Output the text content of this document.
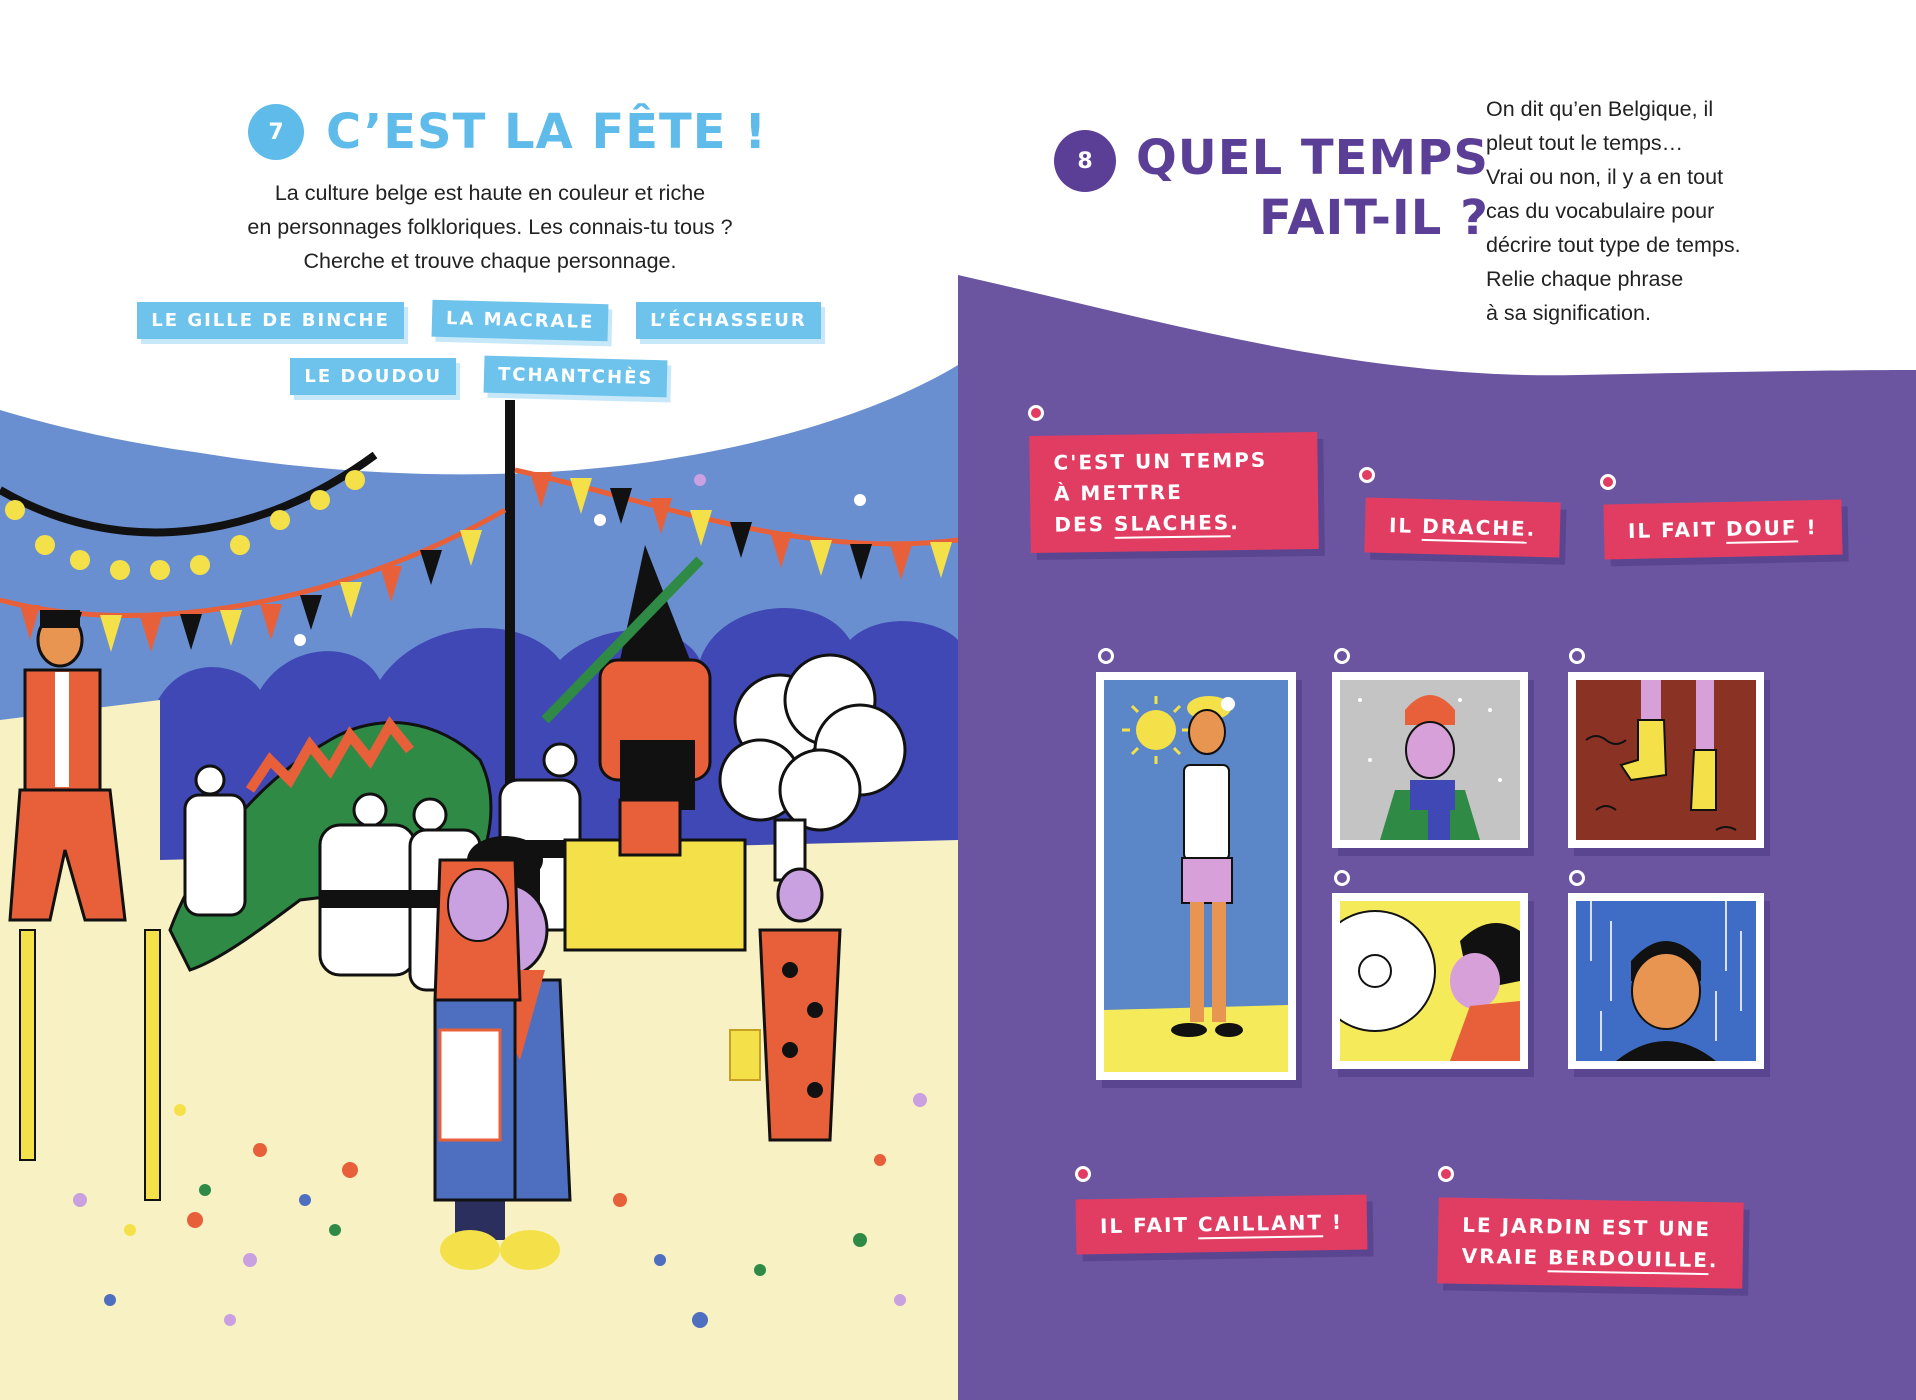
7 C’EST LA FÊTE !
La culture belge est haute en couleur et riche
en personnages folkloriques. Les connais-tu tous ?
Cherche et trouve chaque personnage.
LE GILLE DE BINCHE	LA MACRALE	L’ÉCHASSEUR
LE DOUDOU	TCHANTCHÈS
8 QUEL TEMPS
FAIT-IL ?
On dit qu’en Belgique, il
pleut tout le temps…
Vrai ou non, il y a en tout
cas du vocabulaire pour
décrire tout type de temps.
Relie chaque phrase
à sa signification.
C'EST UN TEMPS
À METTRE
DES SLACHES.	IL DRACHE.	IL FAIT DOUF !
IL FAIT CAILLANT !	LE JARDIN EST UNE
VRAIE BERDOUILLE.
